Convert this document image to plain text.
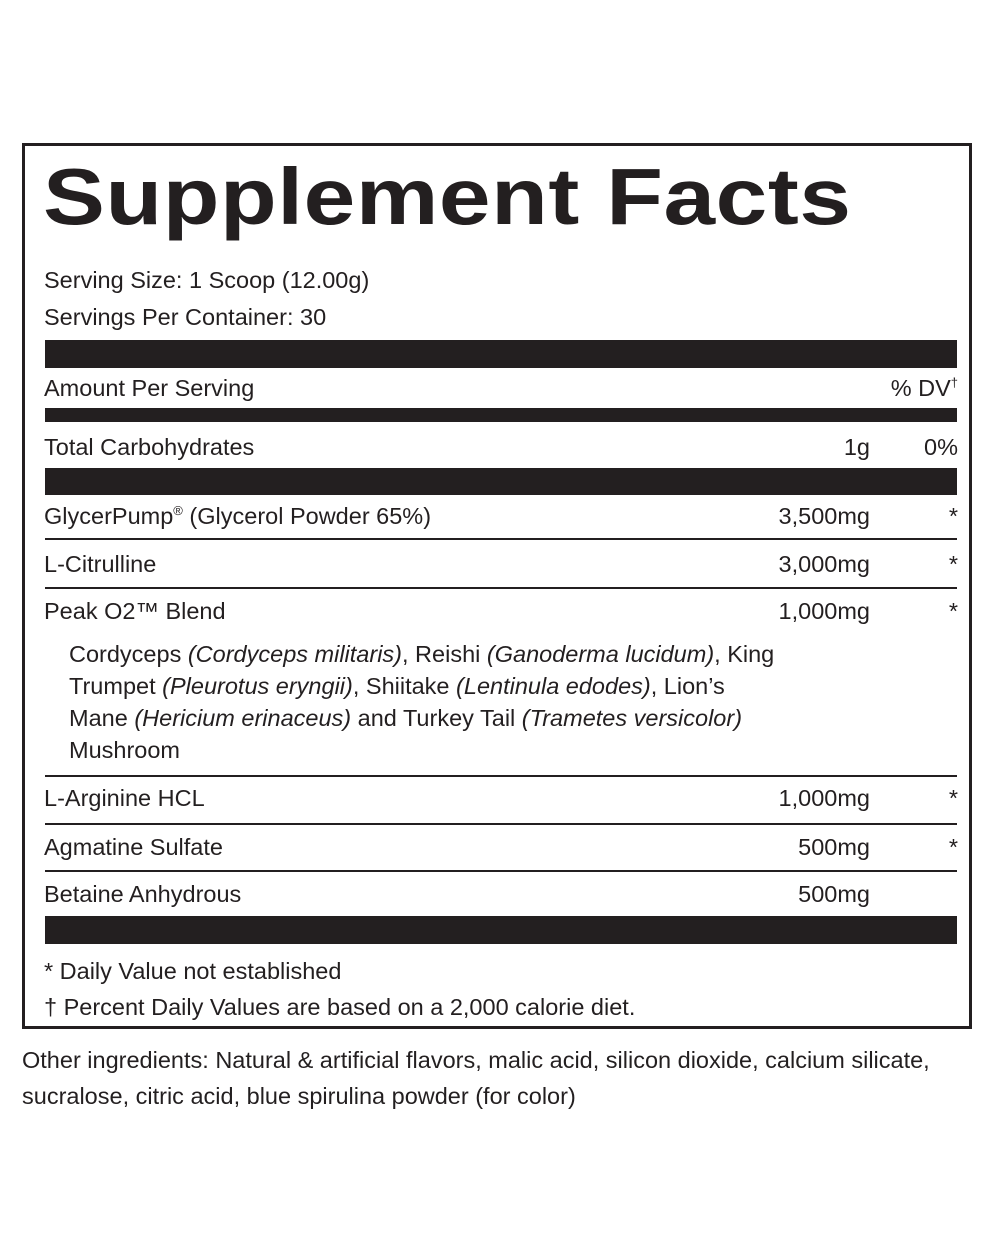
Supplement Facts
Serving Size: 1 Scoop (12.00g)
Servings Per Container: 30
Amount Per Serving	% DV†
Total Carbohydrates	1g 0%
GlycerPump® (Glycerol Powder 65%)	3,500mg	*
L-Citrulline	3,000mg	*
Peak O2™ Blend	1,000mg	*
Cordyceps (Cordyceps militaris), Reishi (Ganoderma lucidum), King Trumpet (Pleurotus eryngii), Shiitake (Lentinula edodes), Lion’s Mane (Hericium erinaceus) and Turkey Tail (Trametes versicolor) Mushroom
L-Arginine HCL	1,000mg	*
Agmatine Sulfate	500mg	*
Betaine Anhydrous	500mg
* Daily Value not established
† Percent Daily Values are based on a 2,000 calorie diet.
Other ingredients: Natural & artificial flavors, malic acid, silicon dioxide, calcium silicate, sucralose, citric acid, blue spirulina powder (for color)
